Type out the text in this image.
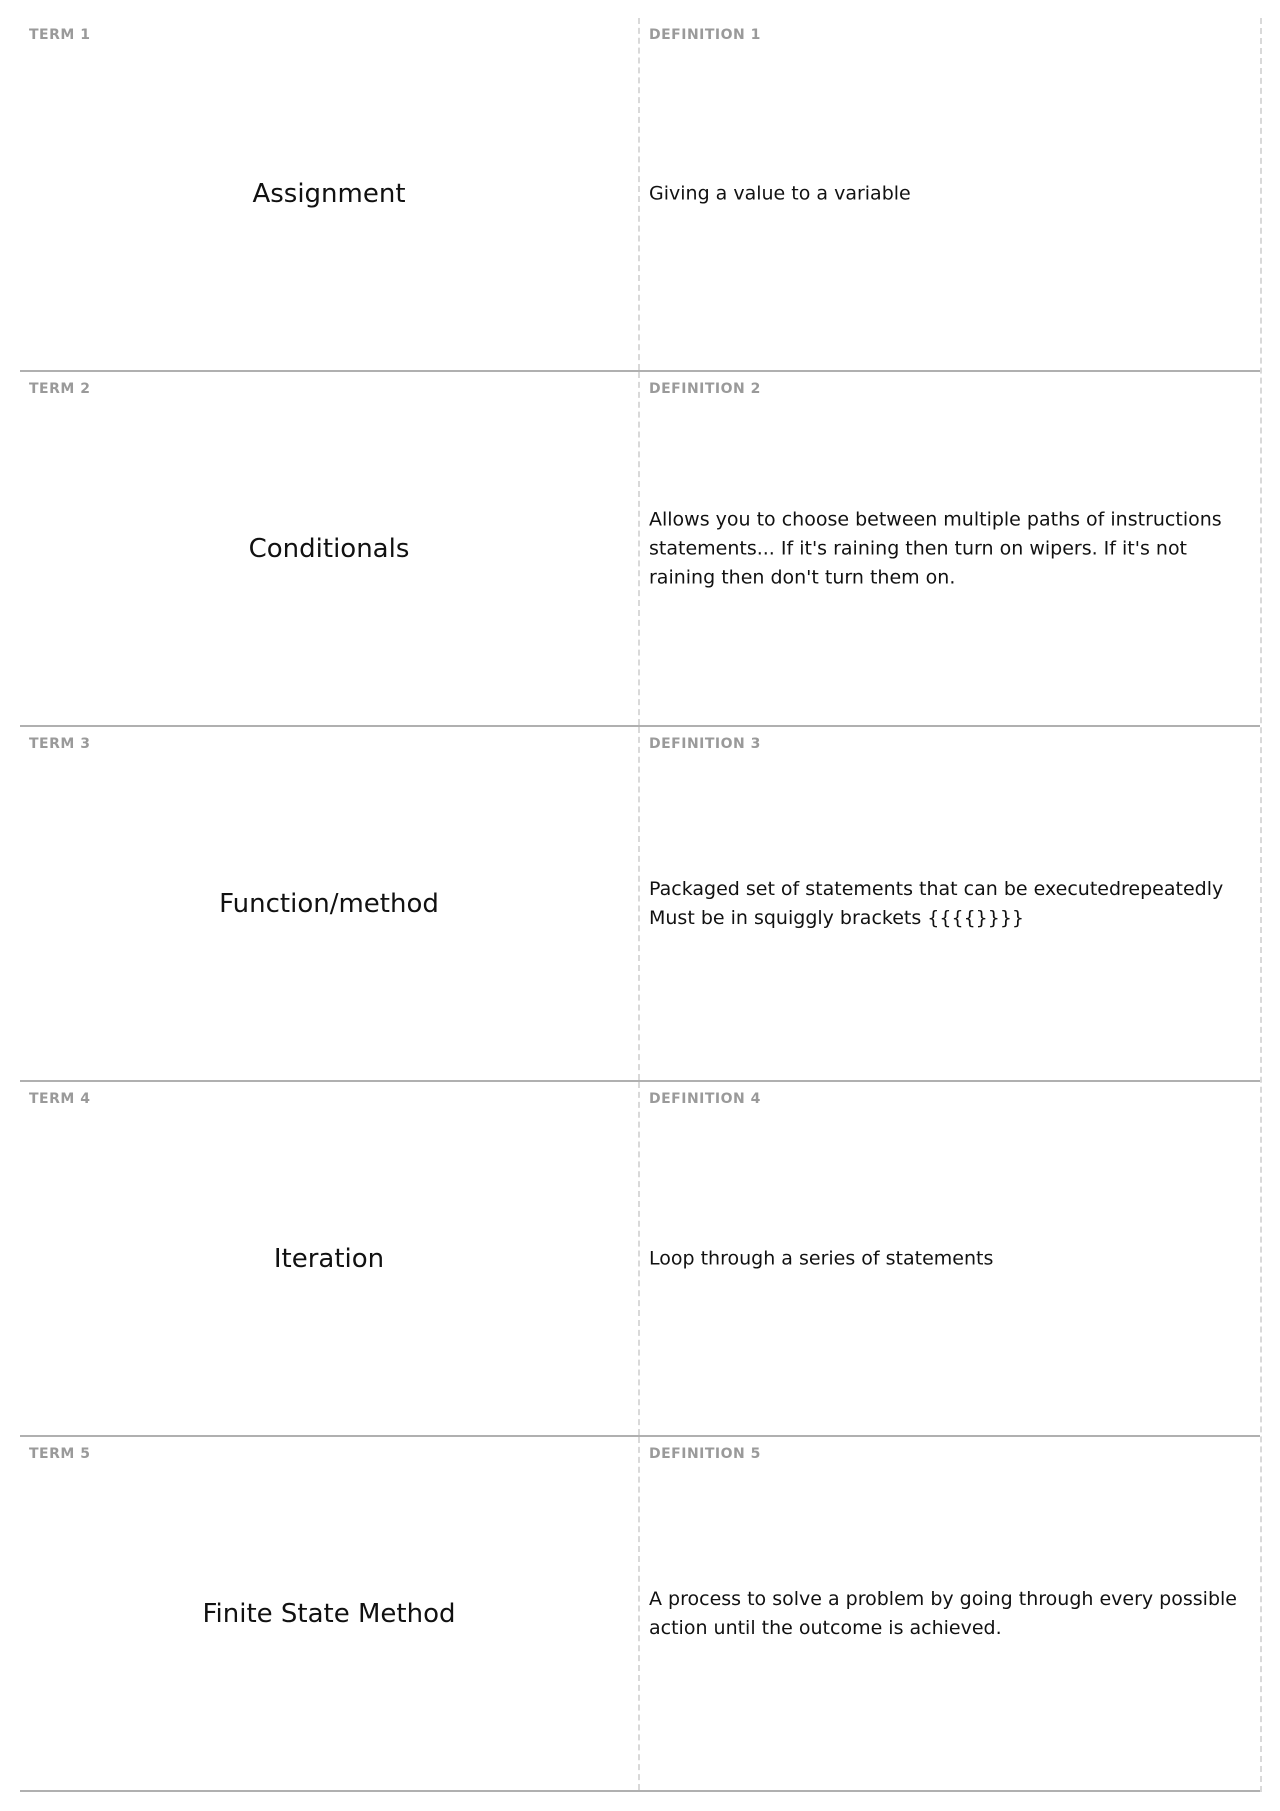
TERM 1
Assignment
DEFINITION 1
Giving a value to a variable
TERM 2
Conditionals
DEFINITION 2
Allows you to choose between multiple paths of instructions statements... If it's raining then turn on wipers. If it's not raining then don't turn them on.
TERM 3
Function/method
DEFINITION 3
Packaged set of statements that can be executedrepeatedly Must be in squiggly brackets {{{{}}}}
TERM 4
Iteration
DEFINITION 4
Loop through a series of statements
TERM 5
Finite State Method
DEFINITION 5
A process to solve a problem by going through every possible action until the outcome is achieved.
